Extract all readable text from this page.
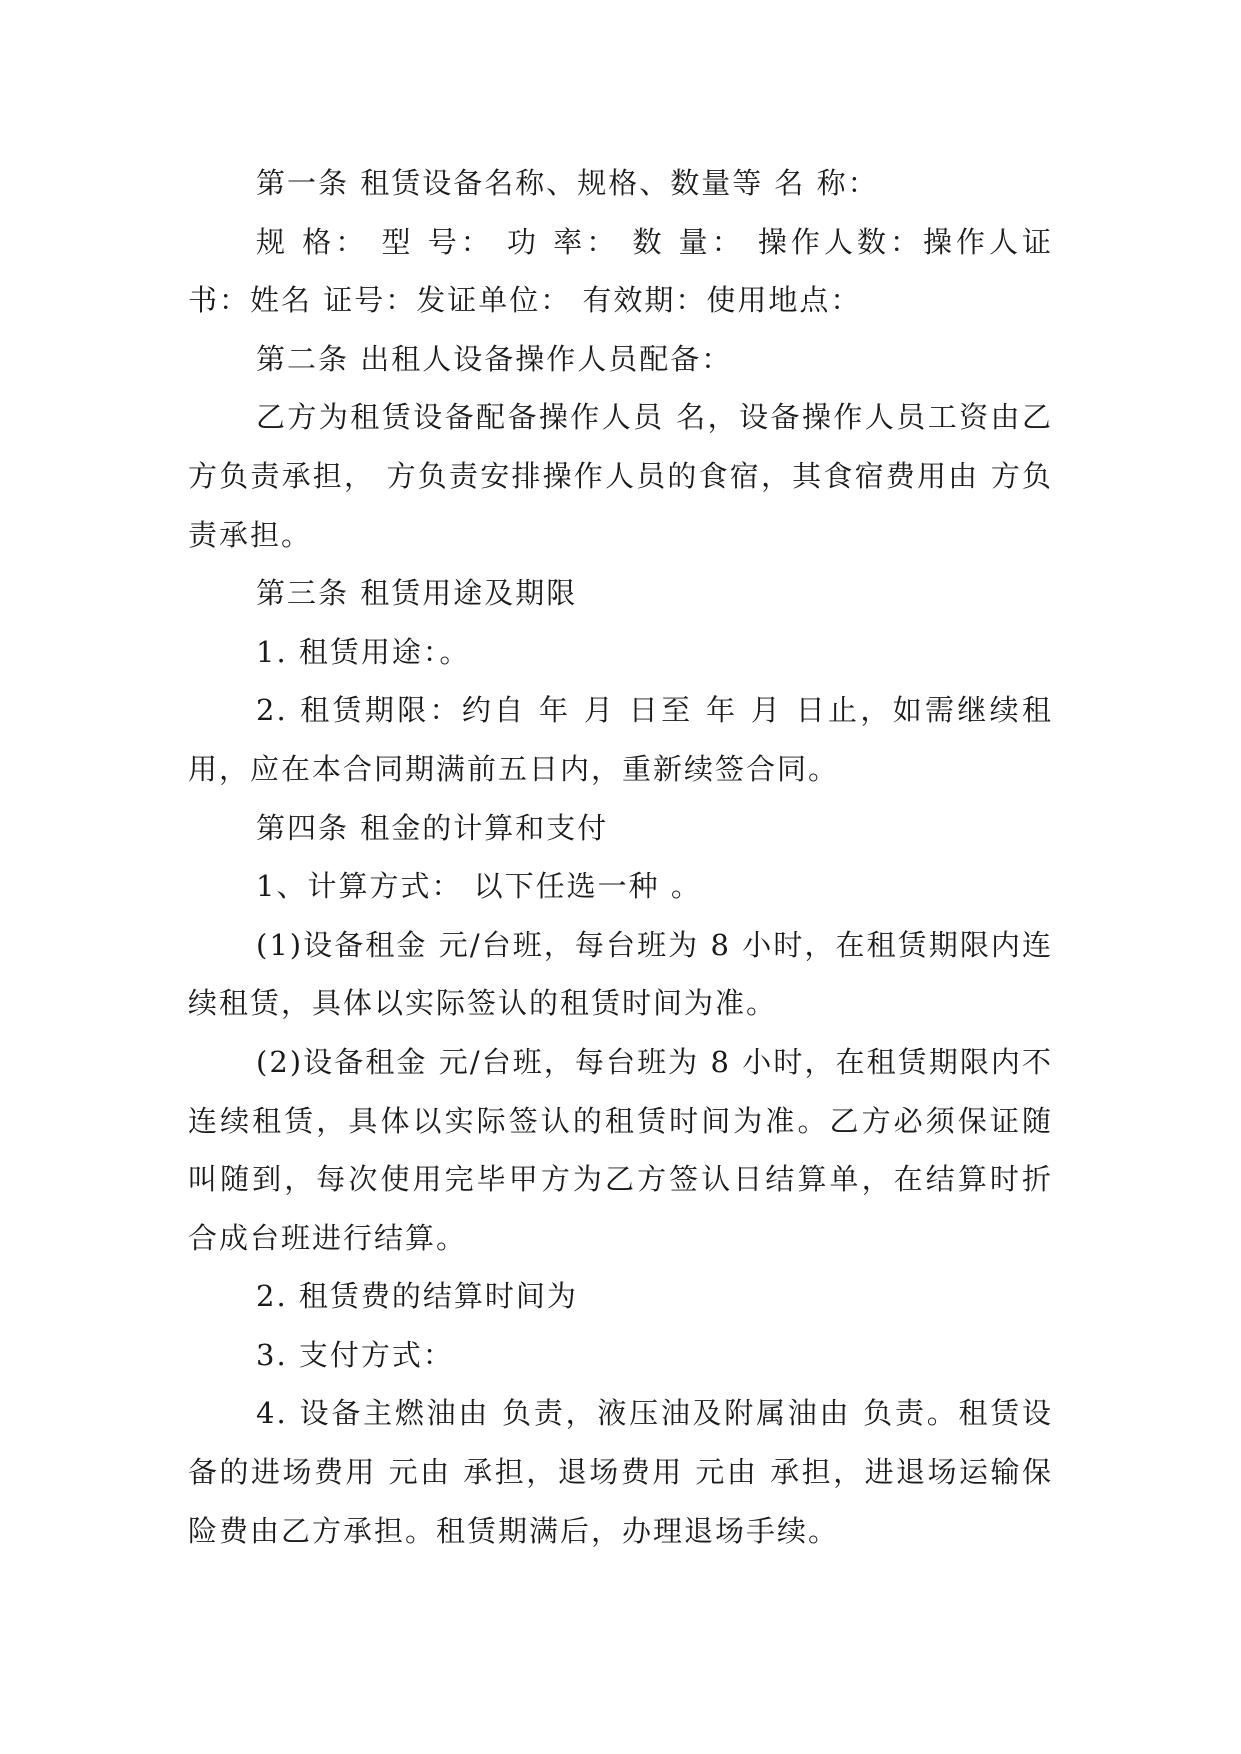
第一条 租赁设备名称、规格、数量等 名 称：

规 格： 型 号： 功 率： 数 量： 操作人数：操作人证书：姓名 证号：发证单位： 有效期：使用地点：

第二条 出租人设备操作人员配备：

乙方为租赁设备配备操作人员 名，设备操作人员工资由乙方负责承担， 方负责安排操作人员的食宿，其食宿费用由 方负责承担。

第三条 租赁用途及期限

1. 租赁用途：。

2. 租赁期限：约自 年 月 日至 年 月 日止，如需继续租用，应在本合同期满前五日内，重新续签合同。

第四条 租金的计算和支付

1、计算方式： 以下任选一种 。

(1)设备租金 元/台班，每台班为 8 小时，在租赁期限内连续租赁，具体以实际签认的租赁时间为准。

(2)设备租金 元/台班，每台班为 8 小时，在租赁期限内不连续租赁，具体以实际签认的租赁时间为准。乙方必须保证随叫随到，每次使用完毕甲方为乙方签认日结算单，在结算时折合成台班进行结算。

2. 租赁费的结算时间为

3. 支付方式：

4. 设备主燃油由 负责，液压油及附属油由 负责。租赁设备的进场费用 元由 承担，退场费用 元由 承担，进退场运输保险费由乙方承担。租赁期满后，办理退场手续。
